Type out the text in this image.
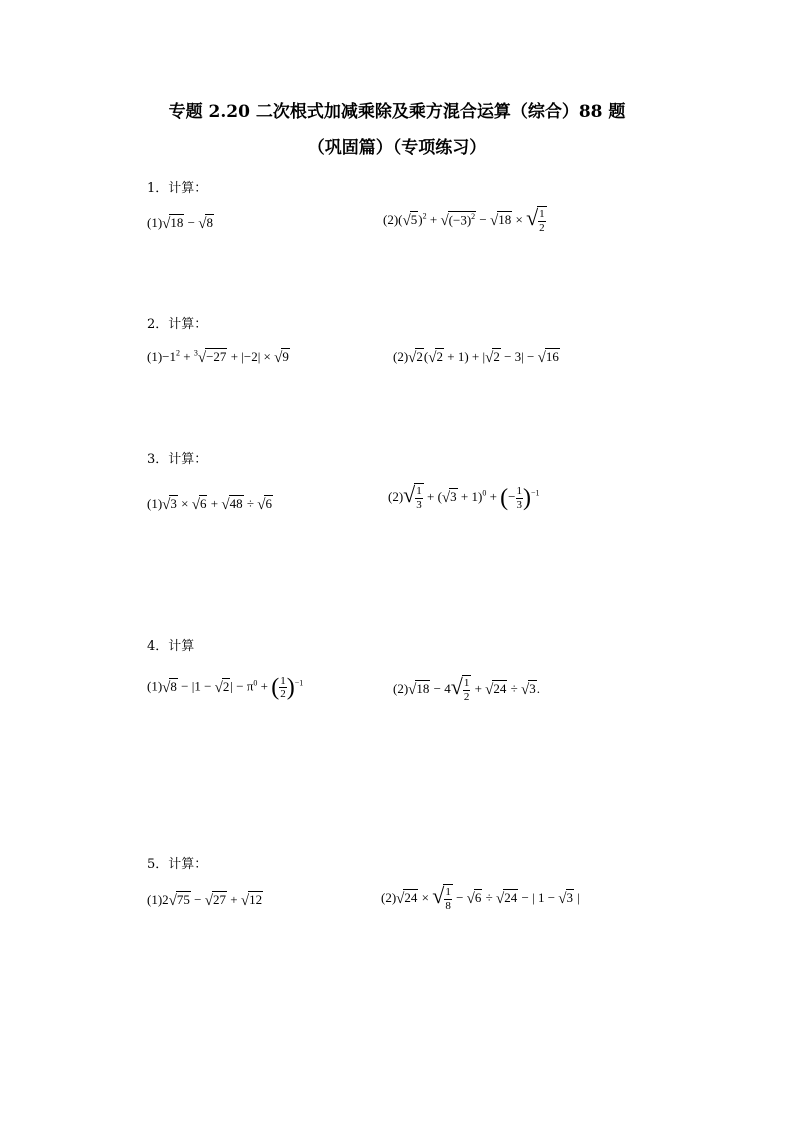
专题 2.20 二次根式加减乘除及乘方混合运算（综合）88 题
（巩固篇）（专项练习）
1．计算：
(1)√18 − √8	$(2)(√5)^2 + √(-3)^2 - √18$ × √ $\frac{1}{2}$
2．计算：
$(1)-1^2 + ^3√-27 + |-2| \times √9$	(2)√2(√2 + 1) + |√2 − 3| − √16
3．计算：
(1)√3 × √6 + √48 ÷ √6	$(2)√ \frac{1}{3} + (√3 + 1)^0$ + (− $\frac{1}{3} )^{-1}$
4．计算
$(1)√8 - |1 - √2| - \pi^0$ + ( $\frac{1}{2} )^{-1}$	$(2)√18 - 4√ \frac{1}{2} + √24 \div √3$.
5．计算：
(1)2√75 − √27 + √12	(2)√24 × √ $\frac{1}{8} - √6 \div √24$ − | 1 − √3 |
